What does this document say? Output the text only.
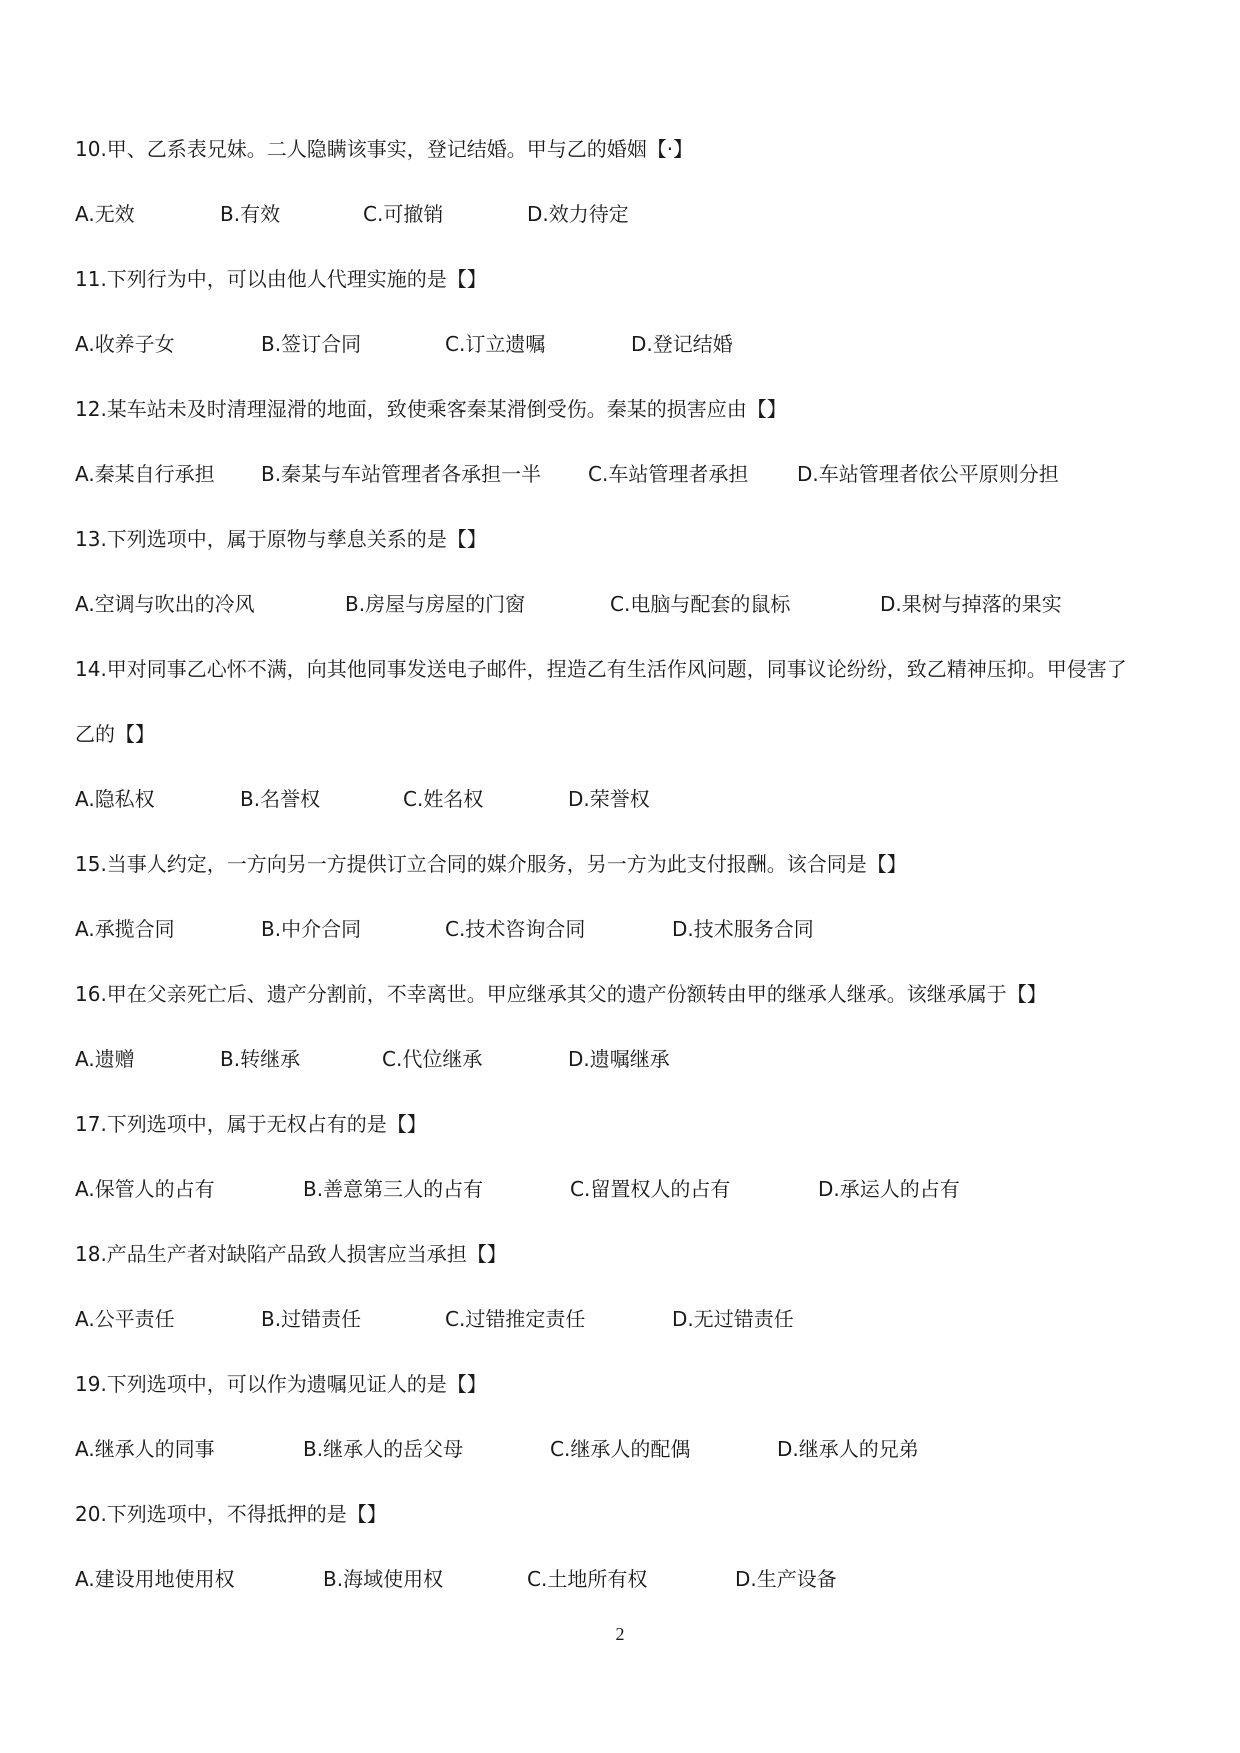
10.甲、乙系表兄妹。二人隐瞒该事实，登记结婚。甲与乙的婚姻【·】
A.无效	B.有效	C.可撤销	D.效力待定
11.下列行为中，可以由他人代理实施的是【】
A.收养子女	B.签订合同	C.订立遗嘱	D.登记结婚
12.某车站未及时清理湿滑的地面，致使乘客秦某滑倒受伤。秦某的损害应由【】
A.秦某自行承担 B.秦某与车站管理者各承担一半 C.车站管理者承担 D.车站管理者依公平原则分担
13.下列选项中，属于原物与孳息关系的是【】
A.空调与吹出的冷风	B.房屋与房屋的门窗	C.电脑与配套的鼠标	D.果树与掉落的果实
14.甲对同事乙心怀不满，向其他同事发送电子邮件，捏造乙有生活作风问题，同事议论纷纷，致乙精神压抑。甲侵害了
乙的【】
A.隐私权	B.名誉权	C.姓名权	D.荣誉权
15.当事人约定，一方向另一方提供订立合同的媒介服务，另一方为此支付报酬。该合同是【】
A.承揽合同	B.中介合同	C.技术咨询合同	D.技术服务合同
16.甲在父亲死亡后、遗产分割前，不幸离世。甲应继承其父的遗产份额转由甲的继承人继承。该继承属于【】
A.遗赠	B.转继承	C.代位继承	D.遗嘱继承
17.下列选项中，属于无权占有的是【】
A.保管人的占有	B.善意第三人的占有	C.留置权人的占有	D.承运人的占有
18.产品生产者对缺陷产品致人损害应当承担【】
A.公平责任	B.过错责任	C.过错推定责任	D.无过错责任
19.下列选项中，可以作为遗嘱见证人的是【】
A.继承人的同事	B.继承人的岳父母	C.继承人的配偶	D.继承人的兄弟
20.下列选项中，不得抵押的是【】
A.建设用地使用权	B.海域使用权	C.土地所有权	D.生产设备
2
